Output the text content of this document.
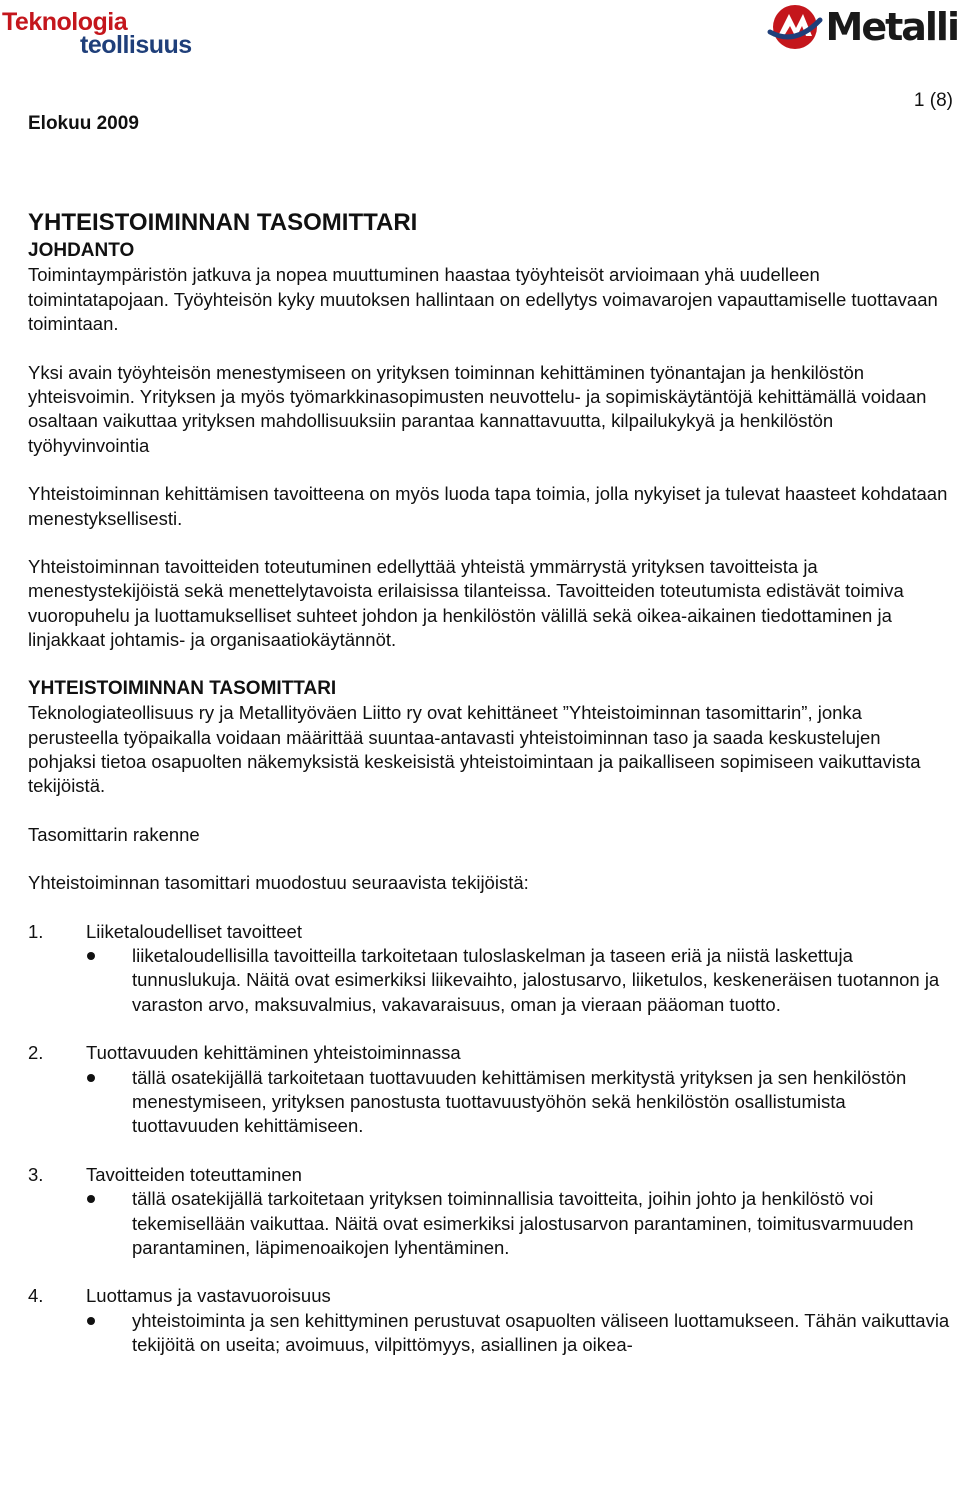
Teknologia
teollisuus	Metalli
Elokuu 2009
1 (8)

YHTEISTOIMINNAN TASOMITTARI

JOHDANTO

Toimintaympäristön jatkuva ja nopea muuttuminen haastaa työyhteisöt arvioimaan yhä uudelleen toimintatapojaan. Työyhteisön kyky muutoksen hallintaan on edellytys voimavarojen vapauttamiselle tuottavaan toimintaan.

Yksi avain työyhteisön menestymiseen on yrityksen toiminnan kehittäminen työnantajan ja henkilöstön yhteisvoimin. Yrityksen ja myös työmarkkinasopimusten neuvottelu- ja sopimiskäytäntöjä kehittämällä voidaan osaltaan vaikuttaa yrityksen mahdollisuuksiin parantaa kannattavuutta, kilpailukykyä ja henkilöstön työhyvinvointia

Yhteistoiminnan kehittämisen tavoitteena on myös luoda tapa toimia, jolla nykyiset ja tulevat haasteet kohdataan menestyksellisesti.

Yhteistoiminnan tavoitteiden toteutuminen edellyttää yhteistä ymmärrystä yrityksen tavoitteista ja menestystekijöistä sekä menettelytavoista erilaisissa tilanteissa. Tavoitteiden toteutumista edistävät toimiva vuoropuhelu ja luottamukselliset suhteet johdon ja henkilöstön välillä sekä oikea-aikainen tiedottaminen ja linjakkaat johtamis- ja organisaatiokäytännöt.

YHTEISTOIMINNAN TASOMITTARI

Teknologiateollisuus ry ja Metallityöväen Liitto ry ovat kehittäneet ”Yhteistoiminnan tasomittarin”, jonka perusteella työpaikalla voidaan määrittää suuntaa-antavasti yhteistoiminnan taso ja saada keskustelujen pohjaksi tietoa osapuolten näkemyksistä keskeisistä yhteistoimintaan ja paikalliseen sopimiseen vaikuttavista tekijöistä.

Tasomittarin rakenne

Yhteistoiminnan tasomittari muodostuu seuraavista tekijöistä:

1.	Liiketaloudelliset tavoitteet
liiketaloudellisilla tavoitteilla tarkoitetaan tuloslaskelman ja taseen eriä ja niistä laskettuja tunnuslukuja. Näitä ovat esimerkiksi liikevaihto, jalostusarvo, liiketulos, keskeneräisen tuotannon ja varaston arvo, maksuvalmius, vakavaraisuus, oman ja vieraan pääoman tuotto.
2.	Tuottavuuden kehittäminen yhteistoiminnassa
tällä osatekijällä tarkoitetaan tuottavuuden kehittämisen merkitystä yrityksen ja sen henkilöstön menestymiseen, yrityksen panostusta tuottavuustyöhön sekä henkilöstön osallistumista tuottavuuden kehittämiseen.
3.	Tavoitteiden toteuttaminen
tällä osatekijällä tarkoitetaan yrityksen toiminnallisia tavoitteita, joihin johto ja henkilöstö voi tekemisellään vaikuttaa. Näitä ovat esimerkiksi jalostusarvon parantaminen, toimitusvarmuuden parantaminen, läpimenoaikojen lyhentäminen.
4.	Luottamus ja vastavuoroisuus
yhteistoiminta ja sen kehittyminen perustuvat osapuolten väliseen luottamukseen. Tähän vaikuttavia tekijöitä on useita; avoimuus, vilpittömyys, asiallinen ja oikea-
